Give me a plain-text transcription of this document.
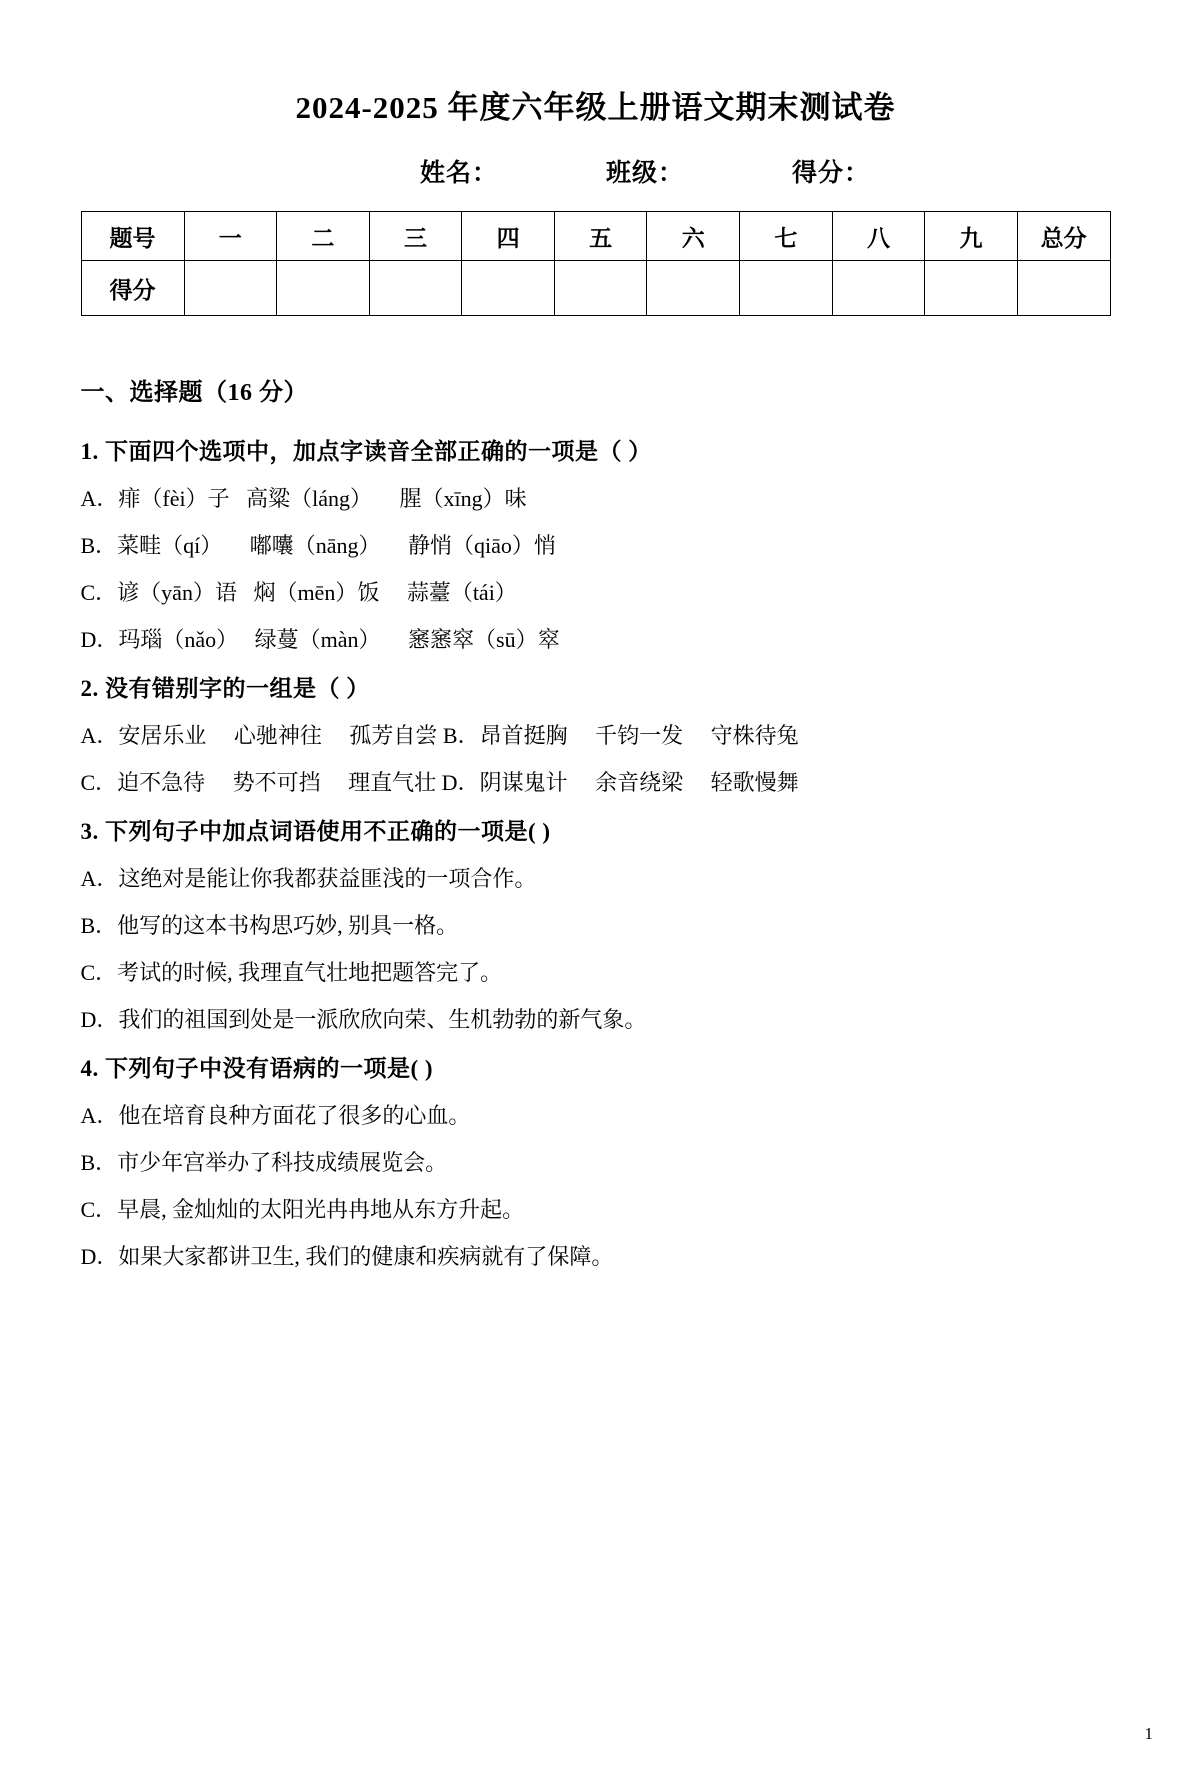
2024-2025 年度六年级上册语文期末测试卷
姓名：	班级：	得分：
题号	一	二	三	四	五	六	七	八	九	总分
得分										
一、选择题（16 分）
1. 下面四个选项中，加点字读音全部正确的一项是（ ）
A．痱（fèi）子   高粱（láng）     腥（xīng）味
B．菜畦（qí）     嘟囔（nāng）     静悄（qiāo）悄
C．谚（yān）语   焖（mēn）饭     蒜薹（tái）
D．玛瑙（nǎo）   绿蔓（màn）     窸窸窣（sū）窣
2. 没有错别字的一组是（ ）
A．安居乐业     心驰神往     孤芳自尝 B．昂首挺胸     千钧一发     守株待兔
C．迫不急待     势不可挡     理直气壮 D．阴谋鬼计     余音绕梁     轻歌慢舞
3. 下列句子中加点词语使用不正确的一项是( )
A．这绝对是能让你我都获益匪浅的一项合作。
B．他写的这本书构思巧妙, 别具一格。
C．考试的时候, 我理直气壮地把题答完了。
D．我们的祖国到处是一派欣欣向荣、生机勃勃的新气象。
4. 下列句子中没有语病的一项是( )
A．他在培育良种方面花了很多的心血。
B．市少年宫举办了科技成绩展览会。
C．早晨, 金灿灿的太阳光冉冉地从东方升起。
D．如果大家都讲卫生, 我们的健康和疾病就有了保障。
1
